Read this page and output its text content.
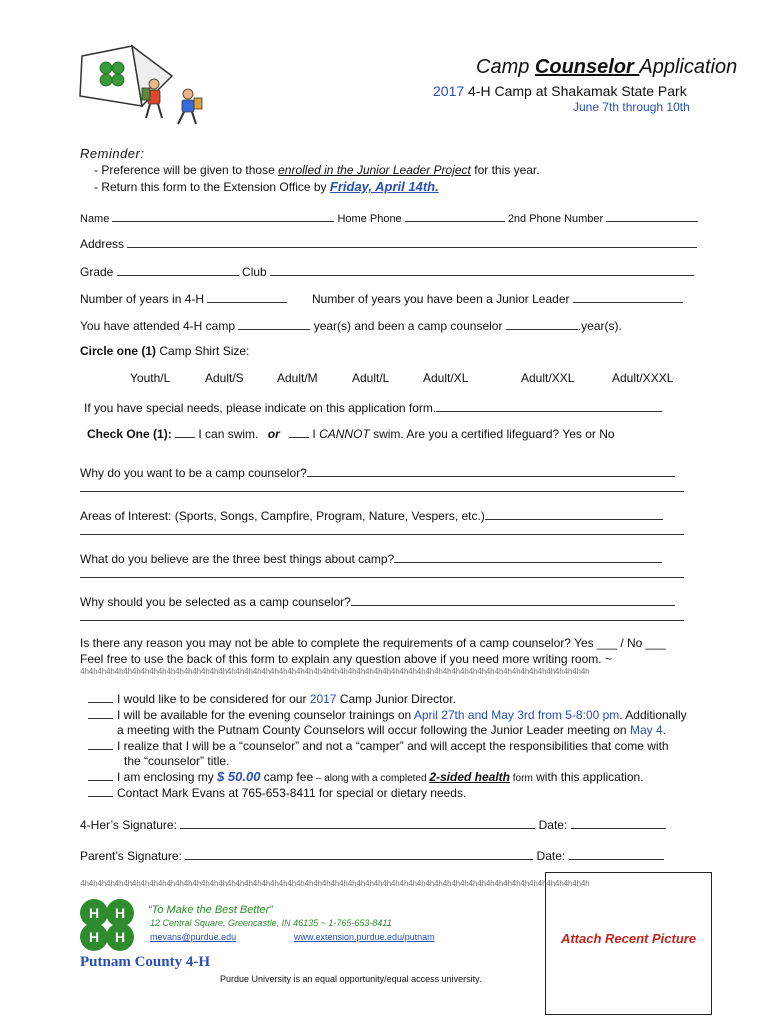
Camp Counselor Application
2017 4-H Camp at Shakamak State Park
June 7th through 10th
Reminder:
- Preference will be given to those enrolled in the Junior Leader Project for this year.
- Return this form to the Extension Office by Friday, April 14th.
Name	Home Phone	2nd Phone Number
Address
Grade	Club
Number of years in 4-H	Number of years you have been a Junior Leader
You have attended 4-H camp	year(s) and been a camp counselor	.year(s).
Circle one (1) Camp Shirt Size:
Youth/L	Adult/S	Adult/M	Adult/L	Adult/XL	Adult/XXL	Adult/XXXL
If you have special needs, please indicate on this application form.
Check One (1): I can swim. or	I CANNOT swim. Are you a certified lifeguard? Yes or No
Why do you want to be a camp counselor?
Areas of Interest: (Sports, Songs, Campfire, Program, Nature, Vespers, etc.)
What do you believe are the three best things about camp?
Why should you be selected as a camp counselor?
Is there any reason you may not be able to complete the requirements of a camp counselor? Yes ___ / No ___
Feel free to use the back of this form to explain any question above if you need more writing room. ~
4h4h4h4h4h4h4h4h4h4h4h4h4h4h4h4h4h4h4h4h4h4h4h4h4h4h4h4h4h4h4h4h4h4h4h4h4h4h4h4h4h4h4h4h4h4h4h4h4h4h4h4h4h4h4h4h4h4h4h
I would like to be considered for our 2017 Camp Junior Director.
I will be available for the evening counselor trainings on April 27th and May 3rd from 5-8:00 pm. Additionally
a meeting with the Putnam County Counselors will occur following the Junior Leader meeting on May 4.
I realize that I will be a “counselor” and not a “camper” and will accept the responsibilities that come with
the “counselor” title.
I am enclosing my $ 50.00 camp fee – along with a completed 2-sided health form with this application.
Contact Mark Evans at 765-653-8411 for special or dietary needs.
4-Her’s Signature:	Date:
Parent’s Signature:	Date:
4h4h4h4h4h4h4h4h4h4h4h4h4h4h4h4h4h4h4h4h4h4h4h4h4h4h4h4h4h4h4h4h4h4h4h4h4h4h4h4h4h4h4h4h4h4h4h4h4h4h4h4h4h4h4h4h4h4h4h
H H
H H
“To Make the Best Better”
12 Central Square, Greencastle, IN 46135 ~ 1-765-653-8411
mevans@purdue.edu	www.extension.purdue.edu/putnam
Putnam County 4-H
Purdue University is an equal opportunity/equal access university.
Attach Recent Picture
